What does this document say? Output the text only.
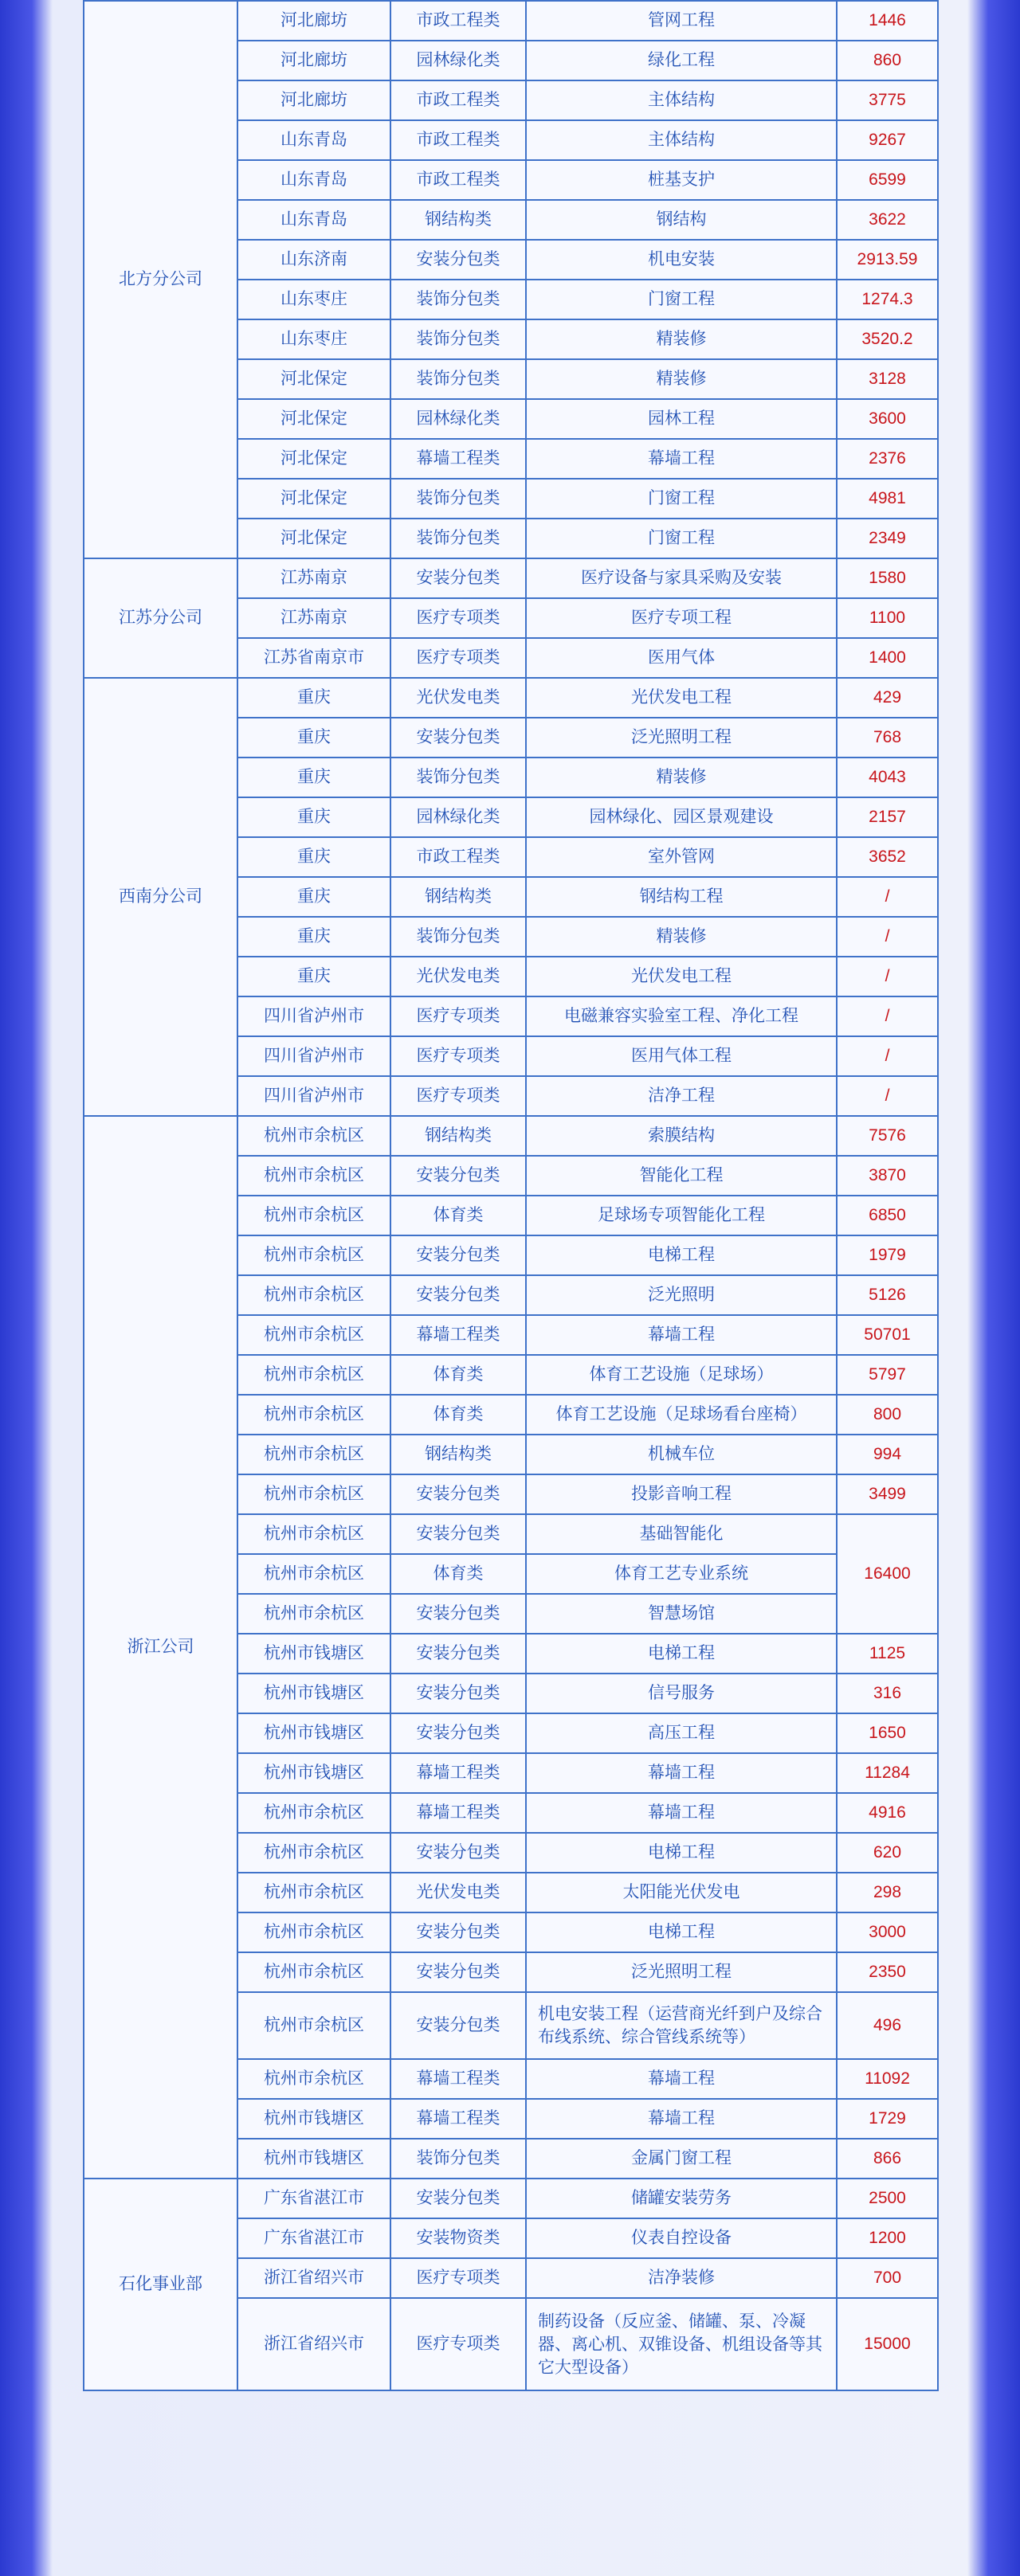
北方分公司	河北廊坊	市政工程类	管网工程	1446
	河北廊坊	园林绿化类	绿化工程	860
	河北廊坊	市政工程类	主体结构	3775
	山东青岛	市政工程类	主体结构	9267
	山东青岛	市政工程类	桩基支护	6599
	山东青岛	钢结构类	钢结构	3622
	山东济南	安装分包类	机电安装	2913.59
	山东枣庄	装饰分包类	门窗工程	1274.3
	山东枣庄	装饰分包类	精装修	3520.2
	河北保定	装饰分包类	精装修	3128
	河北保定	园林绿化类	园林工程	3600
	河北保定	幕墙工程类	幕墙工程	2376
	河北保定	装饰分包类	门窗工程	4981
	河北保定	装饰分包类	门窗工程	2349
江苏分公司	江苏南京	安装分包类	医疗设备与家具采购及安装	1580
	江苏南京	医疗专项类	医疗专项工程	1100
	江苏省南京市	医疗专项类	医用气体	1400
西南分公司	重庆	光伏发电类	光伏发电工程	429
	重庆	安装分包类	泛光照明工程	768
	重庆	装饰分包类	精装修	4043
	重庆	园林绿化类	园林绿化、园区景观建设	2157
	重庆	市政工程类	室外管网	3652
	重庆	钢结构类	钢结构工程	/
	重庆	装饰分包类	精装修	/
	重庆	光伏发电类	光伏发电工程	/
	四川省泸州市	医疗专项类	电磁兼容实验室工程、净化工程	/
	四川省泸州市	医疗专项类	医用气体工程	/
	四川省泸州市	医疗专项类	洁净工程	/
浙江公司	杭州市余杭区	钢结构类	索膜结构	7576
	杭州市余杭区	安装分包类	智能化工程	3870
	杭州市余杭区	体育类	足球场专项智能化工程	6850
	杭州市余杭区	安装分包类	电梯工程	1979
	杭州市余杭区	安装分包类	泛光照明	5126
	杭州市余杭区	幕墙工程类	幕墙工程	50701
	杭州市余杭区	体育类	体育工艺设施（足球场）	5797
	杭州市余杭区	体育类	体育工艺设施（足球场看台座椅）	800
	杭州市余杭区	钢结构类	机械车位	994
	杭州市余杭区	安装分包类	投影音响工程	3499
	杭州市余杭区	安装分包类	基础智能化	16400
	杭州市余杭区	体育类	体育工艺专业系统	
	杭州市余杭区	安装分包类	智慧场馆	
	杭州市钱塘区	安装分包类	电梯工程	1125
	杭州市钱塘区	安装分包类	信号服务	316
	杭州市钱塘区	安装分包类	高压工程	1650
	杭州市钱塘区	幕墙工程类	幕墙工程	11284
	杭州市余杭区	幕墙工程类	幕墙工程	4916
	杭州市余杭区	安装分包类	电梯工程	620
	杭州市余杭区	光伏发电类	太阳能光伏发电	298
	杭州市余杭区	安装分包类	电梯工程	3000
	杭州市余杭区	安装分包类	泛光照明工程	2350
	杭州市余杭区	安装分包类	机电安装工程（运营商光纤到户及综合布线系统、综合管线系统等）	496
	杭州市余杭区	幕墙工程类	幕墙工程	11092
	杭州市钱塘区	幕墙工程类	幕墙工程	1729
	杭州市钱塘区	装饰分包类	金属门窗工程	866
石化事业部	广东省湛江市	安装分包类	储罐安装劳务	2500
	广东省湛江市	安装物资类	仪表自控设备	1200
	浙江省绍兴市	医疗专项类	洁净装修	700
	浙江省绍兴市	医疗专项类	制药设备（反应釜、储罐、泵、冷凝器、离心机、双锥设备、机组设备等其它大型设备）	15000
